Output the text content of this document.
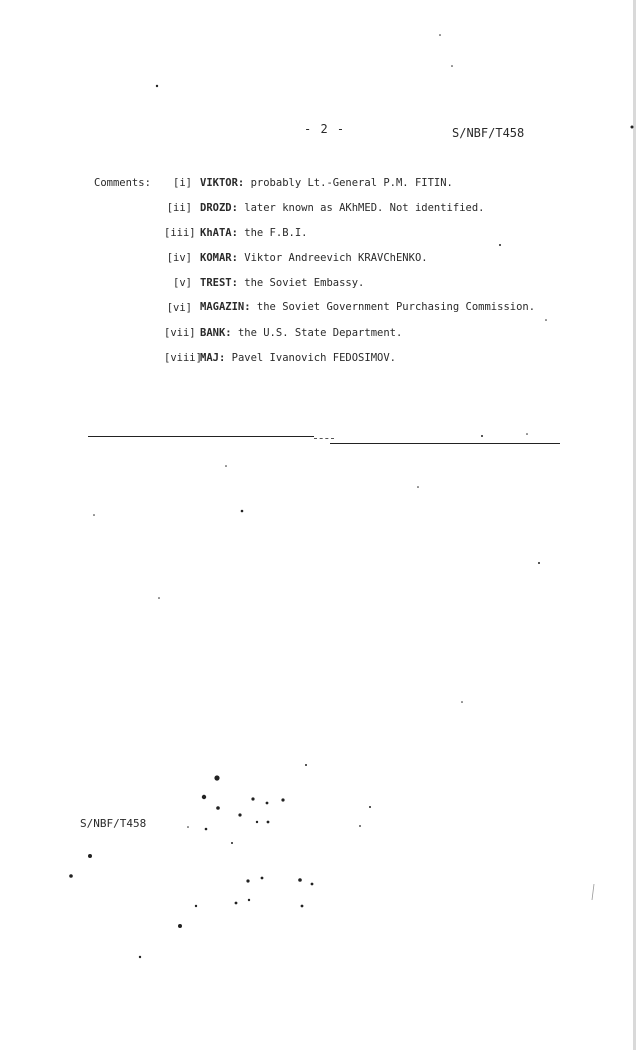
- 2 -	S/NBF/T458
Comments:	[i] VIKTOR: probably Lt.-General P.M. FITIN.
[ii] DROZD: later known as AKhMED. Not identified.
[iii] KhATA: the F.B.I.
[iv] KOMAR: Viktor Andreevich KRAVChENKO.
[v] TREST: the Soviet Embassy.
[vi] MAGAZIN: the Soviet Government Purchasing Commission.
[vii] BANK: the U.S. State Department.
[viii]
MAJ: Pavel Ivanovich FEDOSIMOV.
S/NBF/T458
